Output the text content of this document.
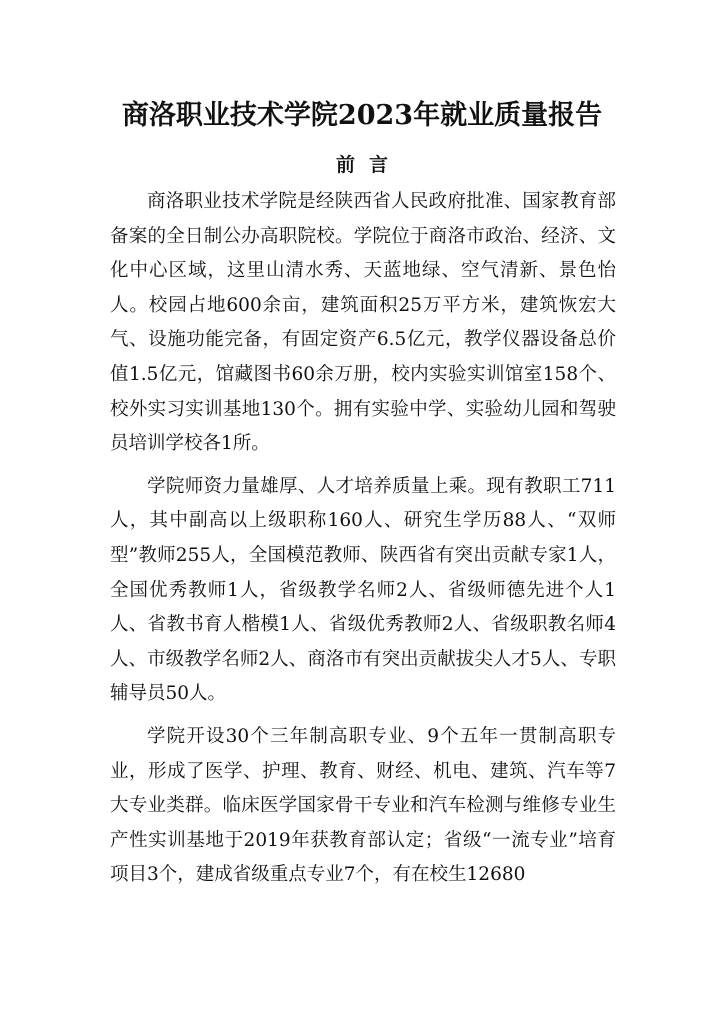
商洛职业技术学院2023年就业质量报告
前言

商洛职业技术学院是经陕西省人民政府批准、国家教育部备案的全日制公办高职院校。学院位于商洛市政治、经济、文化中心区域，这里山清水秀、天蓝地绿、空气清新、景色怡人。校园占地600余亩，建筑面积25万平方米，建筑恢宏大气、设施功能完备，有固定资产6.5亿元，教学仪器设备总价值1.5亿元，馆藏图书60余万册，校内实验实训馆室158个、校外实习实训基地130个。拥有实验中学、实验幼儿园和驾驶员培训学校各1所。

学院师资力量雄厚、人才培养质量上乘。现有教职工711人，其中副高以上级职称160人、研究生学历88人、“双师型”教师255人，全国模范教师、陕西省有突出贡献专家1人，全国优秀教师1人，省级教学名师2人、省级师德先进个人1人、省教书育人楷模1人、省级优秀教师2人、省级职教名师4人、市级教学名师2人、商洛市有突出贡献拔尖人才5人、专职辅导员50人。

学院开设30个三年制高职专业、9个五年一贯制高职专业，形成了医学、护理、教育、财经、机电、建筑、汽车等7大专业类群。临床医学国家骨干专业和汽车检测与维修专业生产性实训基地于2019年获教育部认定；省级“一流专业”培育项目3个，建成省级重点专业7个，有在校生12680
